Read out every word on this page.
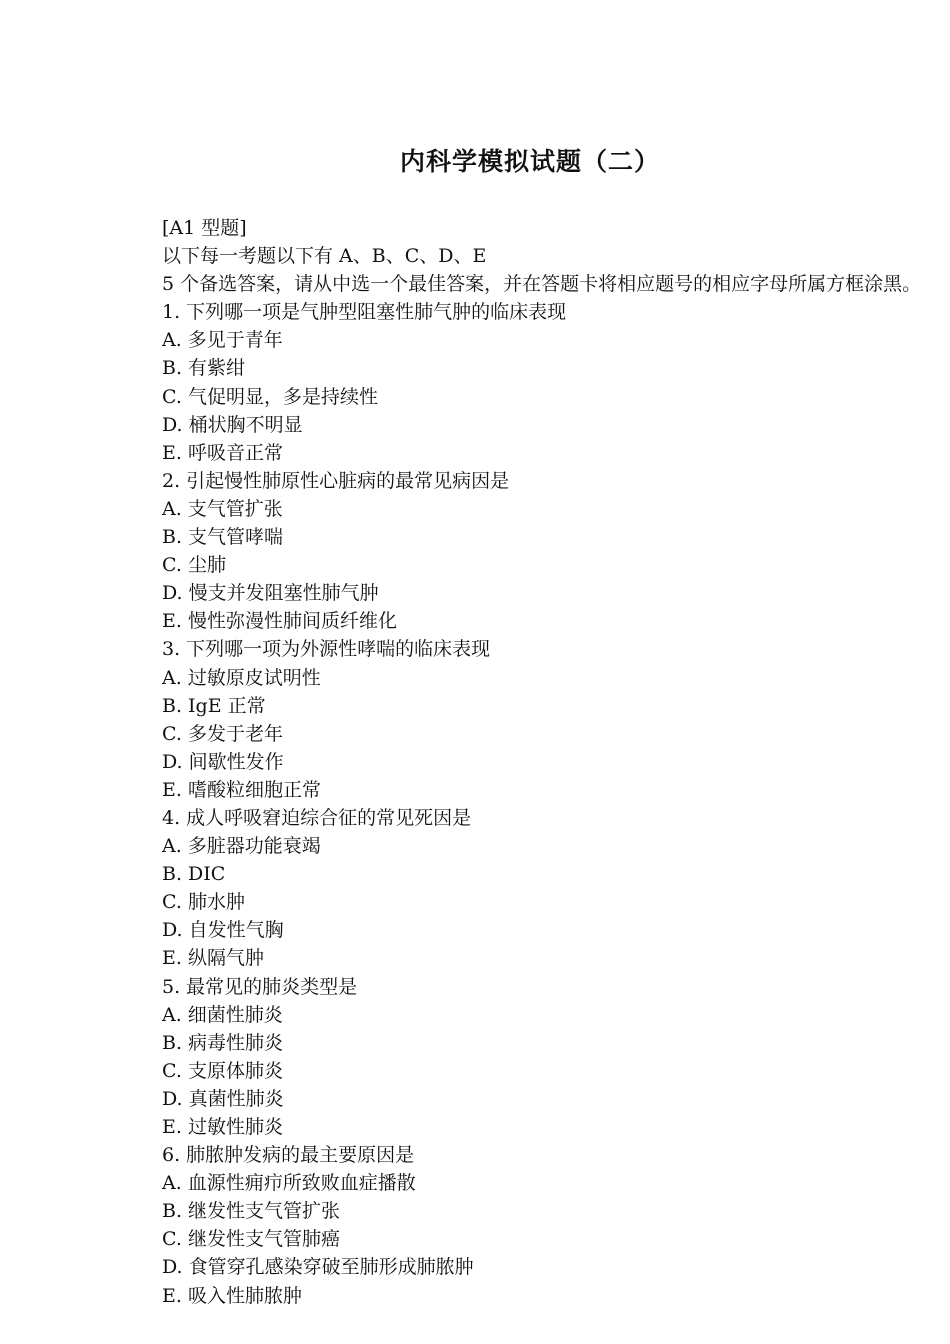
内科学模拟试题（二）
[A1 型题]
以下每一考题以下有 A、B、C、D、E
5 个备选答案，请从中选一个最佳答案，并在答题卡将相应题号的相应字母所属方框涂黑。
1. 下列哪一项是气肿型阻塞性肺气肿的临床表现
A. 多见于青年
B. 有紫绀
C. 气促明显，多是持续性
D. 桶状胸不明显
E. 呼吸音正常
2. 引起慢性肺原性心脏病的最常见病因是
A. 支气管扩张
B. 支气管哮喘
C. 尘肺
D. 慢支并发阻塞性肺气肿
E. 慢性弥漫性肺间质纤维化
3. 下列哪一项为外源性哮喘的临床表现
A. 过敏原皮试明性
B. IgE 正常
C. 多发于老年
D. 间歇性发作
E. 嗜酸粒细胞正常
4. 成人呼吸窘迫综合征的常见死因是
A. 多脏器功能衰竭
B. DIC
C. 肺水肿
D. 自发性气胸
E. 纵隔气肿
5. 最常见的肺炎类型是
A. 细菌性肺炎
B. 病毒性肺炎
C. 支原体肺炎
D. 真菌性肺炎
E. 过敏性肺炎
6. 肺脓肿发病的最主要原因是
A. 血源性痈疖所致败血症播散
B. 继发性支气管扩张
C. 继发性支气管肺癌
D. 食管穿孔感染穿破至肺形成肺脓肿
E. 吸入性肺脓肿
